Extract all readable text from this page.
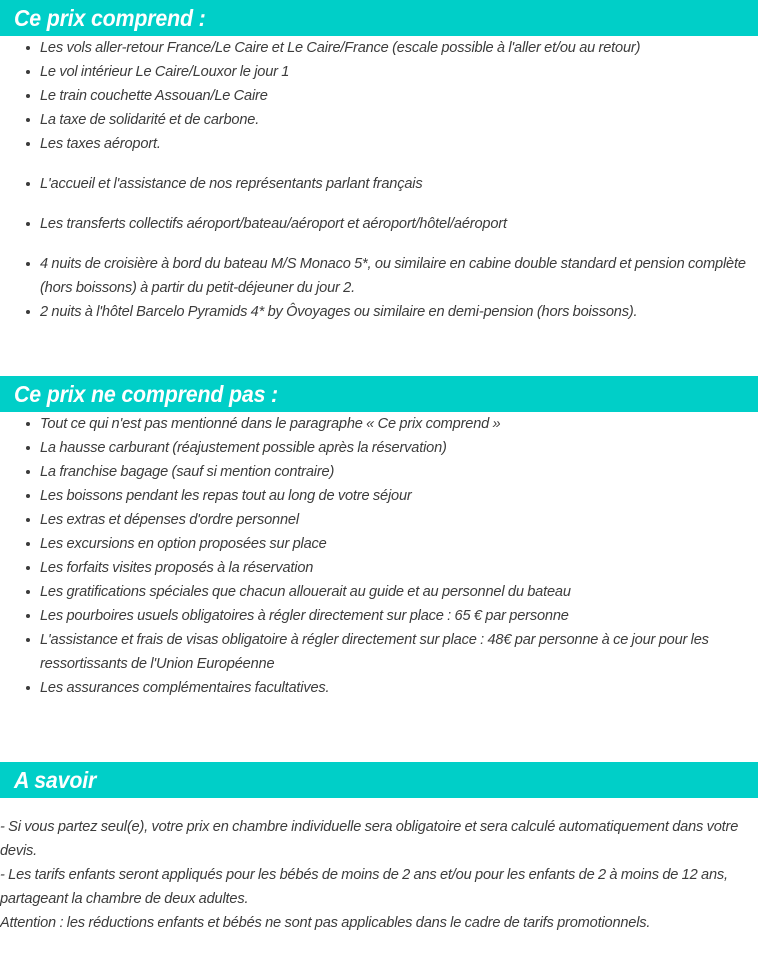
Ce prix comprend :
Les vols aller-retour France/Le Caire et Le Caire/France (escale possible à l'aller et/ou au retour)
Le vol intérieur Le Caire/Louxor le jour 1
Le train couchette Assouan/Le Caire
La taxe de solidarité et de carbone.
Les taxes aéroport.
L'accueil et l'assistance de nos représentants parlant français
Les transferts collectifs aéroport/bateau/aéroport et aéroport/hôtel/aéroport
4 nuits de croisière à bord du bateau M/S Monaco 5*, ou similaire en cabine double standard et pension complète (hors boissons) à partir du petit-déjeuner du jour 2.
2 nuits à l'hôtel Barcelo Pyramids 4* by Ôvoyages ou similaire en demi-pension (hors boissons).
Ce prix ne comprend pas :
Tout ce qui n'est pas mentionné dans le paragraphe « Ce prix comprend »
La hausse carburant (réajustement possible après la réservation)
La franchise bagage (sauf si mention contraire)
Les boissons pendant les repas tout au long de votre séjour
Les extras et dépenses d'ordre personnel
Les excursions en option proposées sur place
Les forfaits visites proposés à la réservation
Les gratifications spéciales que chacun allouerait au guide et au personnel du bateau
Les pourboires usuels obligatoires à régler directement sur place : 65 € par personne
L'assistance et frais de visas obligatoire à régler directement sur place : 48€ par personne à ce jour pour les ressortissants de l'Union Européenne
Les assurances complémentaires facultatives.
A savoir

- Si vous partez seul(e), votre prix en chambre individuelle sera obligatoire et sera calculé automatiquement dans votre devis.

- Les tarifs enfants seront appliqués pour les bébés de moins de 2 ans et/ou pour les enfants de 2 à moins de 12 ans, partageant la chambre de deux adultes.

Attention : les réductions enfants et bébés ne sont pas applicables dans le cadre de tarifs promotionnels.
